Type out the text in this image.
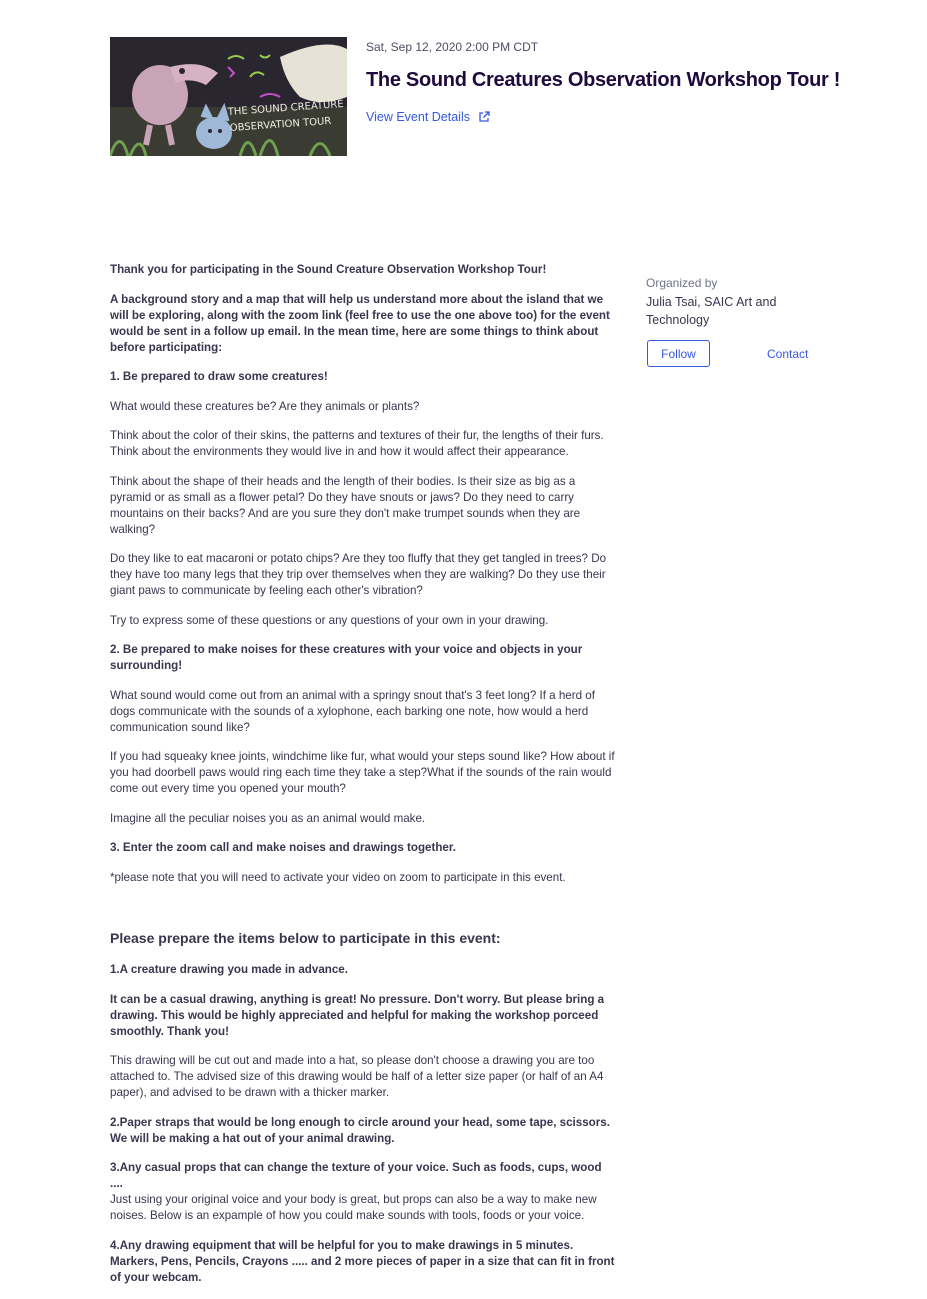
THE SOUND CREATURE
OBSERVATION TOUR
Sat, Sep 12, 2020 2:00 PM CDT
The Sound Creatures Observation Workshop Tour !
View Event Details

Thank you for participating in the Sound Creature Observation Workshop Tour!

A background story and a map that will help us understand more about the island that we will be exploring, along with the zoom link (feel free to use the one above too) for the event would be sent in a follow up email. In the mean time, here are some things to think about before participating:

1. Be prepared to draw some creatures!

What would these creatures be? Are they animals or plants?

Think about the color of their skins, the patterns and textures of their fur, the lengths of their furs. Think about the environments they would live in and how it would affect their appearance.

Think about the shape of their heads and the length of their bodies. Is their size as big as a pyramid or as small as a flower petal? Do they have snouts or jaws? Do they need to carry mountains on their backs? And are you sure they don't make trumpet sounds when they are walking?

Do they like to eat macaroni or potato chips? Are they too fluffy that they get tangled in trees? Do they have too many legs that they trip over themselves when they are walking? Do they use their giant paws to communicate by feeling each other's vibration?

Try to express some of these questions or any questions of your own in your drawing.

2. Be prepared to make noises for these creatures with your voice and objects in your surrounding!

What sound would come out from an animal with a springy snout that's 3 feet long? If a herd of dogs communicate with the sounds of a xylophone, each barking one note, how would a herd communication sound like?

If you had squeaky knee joints, windchime like fur, what would your steps sound like? How about if you had doorbell paws would ring each time they take a step?What if the sounds of the rain would come out every time you opened your mouth?

Imagine all the peculiar noises you as an animal would make.

3. Enter the zoom call and make noises and drawings together.

*please note that you will need to activate your video on zoom to participate in this event.

Please prepare the items below to participate in this event:

1.A creature drawing you made in advance.

It can be a casual drawing, anything is great! No pressure. Don't worry. But please bring a drawing. This would be highly appreciated and helpful for making the workshop porceed smoothly. Thank you!

This drawing will be cut out and made into a hat, so please don't choose a drawing you are too attached to. The advised size of this drawing would be half of a letter size paper (or half of an A4 paper), and advised to be drawn with a thicker marker.

2.Paper straps that would be long enough to circle around your head, some tape, scissors. We will be making a hat out of your animal drawing.

3.Any casual props that can change the texture of your voice. Such as foods, cups, wood ....
Just using your original voice and your body is great, but props can also be a way to make new noises. Below is an expample of how you could make sounds with tools, foods or your voice.

4.Any drawing equipment that will be helpful for you to make drawings in 5 minutes. Markers, Pens, Pencils, Crayons ..... and 2 more pieces of paper in a size that can fit in front of your webcam.

Organized by
Julia Tsai, SAIC Art and Technology
Follow	Contact
